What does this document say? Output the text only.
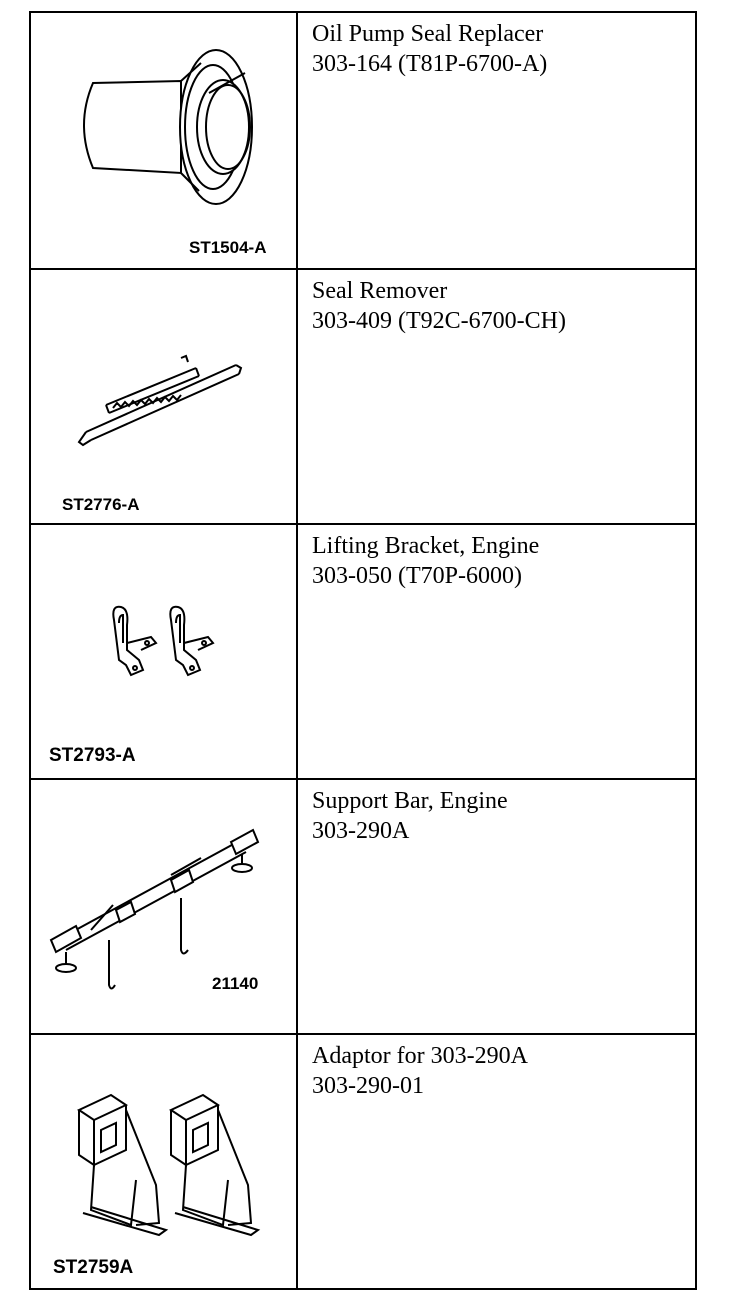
ST1504-A
Oil Pump Seal Replacer
303-164 (T81P-6700-A)
ST2776-A
Seal Remover
303-409 (T92C-6700-CH)
ST2793-A
Lifting Bracket, Engine
303-050 (T70P-6000)
21140
Support Bar, Engine
303-290A
ST2759A
Adaptor for 303-290A
303-290-01
